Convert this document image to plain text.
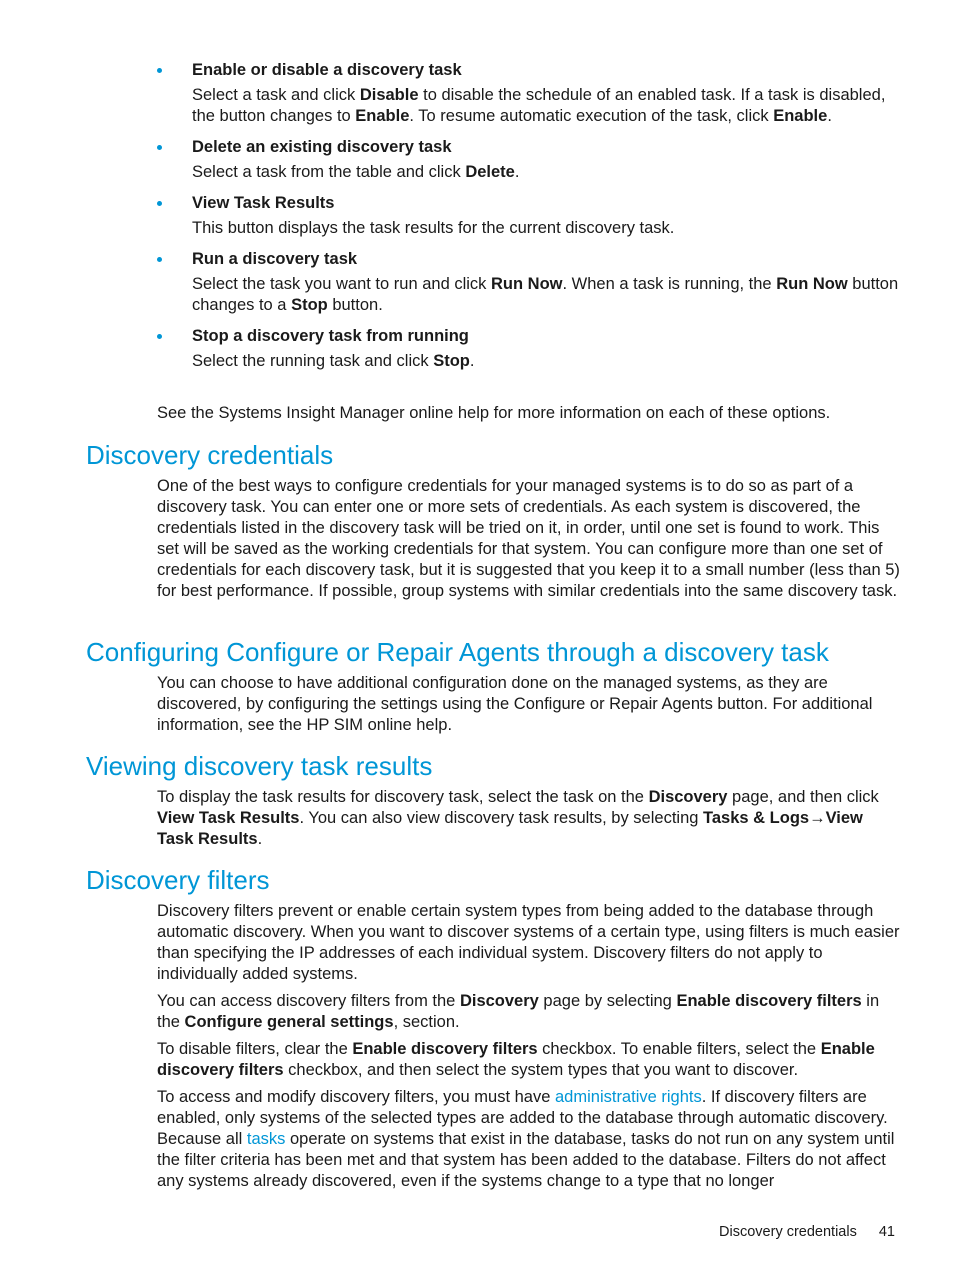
Enable or disable a discovery task

Select a task and click Disable to disable the schedule of an enabled task. If a task is disabled, the button changes to Enable. To resume automatic execution of the task, click Enable.

Delete an existing discovery task

Select a task from the table and click Delete.

View Task Results

This button displays the task results for the current discovery task.

Run a discovery task

Select the task you want to run and click Run Now. When a task is running, the Run Now button changes to a Stop button.

Stop a discovery task from running

Select the running task and click Stop.

See the Systems Insight Manager online help for more information on each of these options.

Discovery credentials

One of the best ways to configure credentials for your managed systems is to do so as part of a discovery task. You can enter one or more sets of credentials. As each system is discovered, the credentials listed in the discovery task will be tried on it, in order, until one set is found to work. This set will be saved as the working credentials for that system. You can configure more than one set of credentials for each discovery task, but it is suggested that you keep it to a small number (less than 5) for best performance. If possible, group systems with similar credentials into the same discovery task.

Configuring Configure or Repair Agents through a discovery task

You can choose to have additional configuration done on the managed systems, as they are discovered, by configuring the settings using the Configure or Repair Agents button. For additional information, see the HP SIM online help.

Viewing discovery task results

To display the task results for discovery task, select the task on the Discovery page, and then click View Task Results. You can also view discovery task results, by selecting Tasks & Logs→View Task Results.

Discovery filters

Discovery filters prevent or enable certain system types from being added to the database through automatic discovery. When you want to discover systems of a certain type, using filters is much easier than specifying the IP addresses of each individual system. Discovery filters do not apply to individually added systems.

You can access discovery filters from the Discovery page by selecting Enable discovery filters in the Configure general settings, section.

To disable filters, clear the Enable discovery filters checkbox. To enable filters, select the Enable discovery filters checkbox, and then select the system types that you want to discover.

To access and modify discovery filters, you must have administrative rights. If discovery filters are enabled, only systems of the selected types are added to the database through automatic discovery. Because all tasks operate on systems that exist in the database, tasks do not run on any system until the filter criteria has been met and that system has been added to the database. Filters do not affect any systems already discovered, even if the systems change to a type that no longer

Discovery credentials 41
